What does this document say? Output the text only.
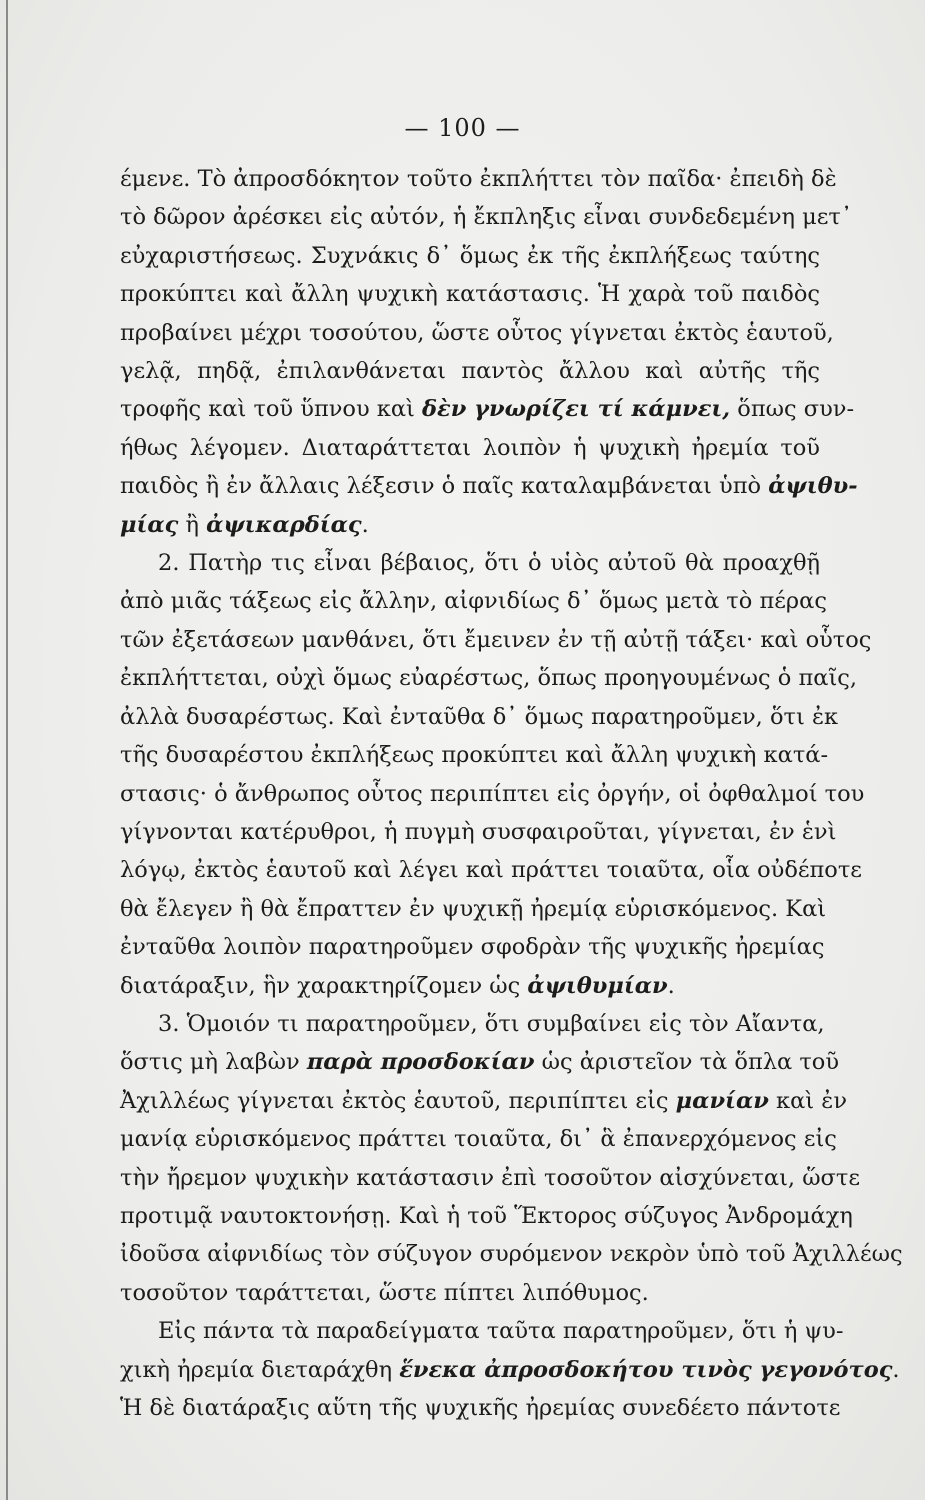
— 100 —
έμενε. Τὸ ἀπροσδόκητον τοῦτο ἐκπλήττει τὸν παῖδα· ἐπειδὴ δὲ
τὸ δῶρον ἀρέσκει εἰς αὐτόν, ἡ ἔκπληξις εἶναι συνδεδεμένη μετ᾿
εὐχαριστήσεως. Συχνάκις δ᾿ ὅμως ἐκ τῆς ἐκπλήξεως ταύτης
προκύπτει καὶ ἄλλη ψυχικὴ κατάστασις. Ἡ χαρὰ τοῦ παιδὸς
προβαίνει μέχρι τοσούτου, ὥστε οὗτος γίγνεται ἐκτὸς ἑαυτοῦ,
γελᾷ, πηδᾷ, ἐπιλανθάνεται παντὸς ἄλλου καὶ αὐτῆς τῆς
τροφῆς καὶ τοῦ ὕπνου καὶ δὲν γνωρίζει τί κάμνει, ὅπως συν-
ήθως λέγομεν. Διαταράττεται λοιπὸν ἡ ψυχικὴ ἠρεμία τοῦ
παιδὸς ἢ ἐν ἄλλαις λέξεσιν ὁ παῖς καταλαμβάνεται ὑπὸ ἀψιθυ-
μίας ἢ ἀψικαρδίας.
2. Πατὴρ τις εἶναι βέβαιος, ὅτι ὁ υἱὸς αὐτοῦ θὰ προαχθῇ
ἀπὸ μιᾶς τάξεως εἰς ἄλλην, αἰφνιδίως δ᾿ ὅμως μετὰ τὸ πέρας
τῶν ἐξετάσεων μανθάνει, ὅτι ἔμεινεν ἐν τῇ αὐτῇ τάξει· καὶ οὗτος
ἐκπλήττεται, οὐχὶ ὅμως εὐαρέστως, ὅπως προηγουμένως ὁ παῖς,
ἀλλὰ δυσαρέστως. Καὶ ἐνταῦθα δ᾿ ὅμως παρατηροῦμεν, ὅτι ἐκ
τῆς δυσαρέστου ἐκπλήξεως προκύπτει καὶ ἄλλη ψυχικὴ κατά-
στασις· ὁ ἄνθρωπος οὗτος περιπίπτει εἰς ὀργήν, οἱ ὀφθαλμοί του
γίγνονται κατέρυθροι, ἡ πυγμὴ συσφαιροῦται, γίγνεται, ἐν ἑνὶ
λόγῳ, ἐκτὸς ἑαυτοῦ καὶ λέγει καὶ πράττει τοιαῦτα, οἷα οὐδέποτε
θὰ ἔλεγεν ἢ θὰ ἔπραττεν ἐν ψυχικῇ ἠρεμίᾳ εὑρισκόμενος. Καὶ
ἐνταῦθα λοιπὸν παρατηροῦμεν σφοδρὰν τῆς ψυχικῆς ἠρεμίας
διατάραξιν, ἣν χαρακτηρίζομεν ὡς ἀψιθυμίαν.
3. Ὁμοιόν τι παρατηροῦμεν, ὅτι συμβαίνει εἰς τὸν Αἴαντα,
ὅστις μὴ λαβὼν παρὰ προσδοκίαν ὡς ἀριστεῖον τὰ ὅπλα τοῦ
Ἀχιλλέως γίγνεται ἐκτὸς ἑαυτοῦ, περιπίπτει εἰς μανίαν καὶ ἐν
μανίᾳ εὑρισκόμενος πράττει τοιαῦτα, δι᾿ ἃ ἐπανερχόμενος εἰς
τὴν ἤρεμον ψυχικὴν κατάστασιν ἐπὶ τοσοῦτον αἰσχύνεται, ὥστε
προτιμᾷ ναυτοκτονήσῃ. Καὶ ἡ τοῦ Ἕκτορος σύζυγος Ἀνδρομάχη
ἰδοῦσα αἰφνιδίως τὸν σύζυγον συρόμενον νεκρὸν ὑπὸ τοῦ Ἀχιλλέως
τοσοῦτον ταράττεται, ὥστε πίπτει λιπόθυμος.
Εἰς πάντα τὰ παραδείγματα ταῦτα παρατηροῦμεν, ὅτι ἡ ψυ-
χικὴ ἠρεμία διεταράχθη ἕνεκα ἀπροσδοκήτου τινὸς γεγονότος.
Ἡ δὲ διατάραξις αὕτη τῆς ψυχικῆς ἠρεμίας συνεδέετο πάντοτε
